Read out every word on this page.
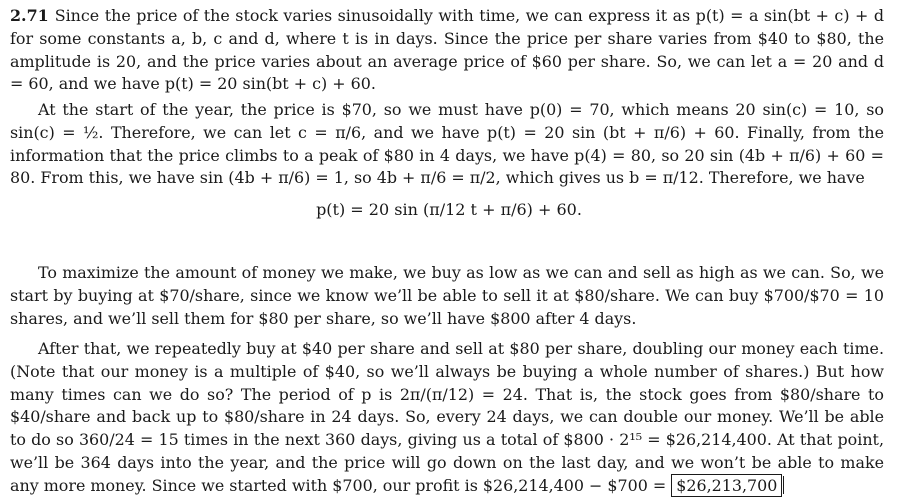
2.71 Since the price of the stock varies sinusoidally with time, we can express it as p(t) = a sin(bt + c) + d for some constants a, b, c and d, where t is in days. Since the price per share varies from $40 to $80, the amplitude is 20, and the price varies about an average price of $60 per share. So, we can let a = 20 and d = 60, and we have p(t) = 20 sin(bt + c) + 60.

At the start of the year, the price is $70, so we must have p(0) = 70, which means 20 sin(c) = 10, so sin(c) = ½. Therefore, we can let c = π/6, and we have p(t) = 20 sin (bt + π/6) + 60. Finally, from the information that the price climbs to a peak of $80 in 4 days, we have p(4) = 80, so 20 sin (4b + π/6) + 60 = 80. From this, we have sin (4b + π/6) = 1, so 4b + π/6 = π/2, which gives us b = π/12. Therefore, we have

p(t) = 20 sin (π/12 t + π/6) + 60.

To maximize the amount of money we make, we buy as low as we can and sell as high as we can. So, we start by buying at $70/share, since we know we’ll be able to sell it at $80/share. We can buy $700/$70 = 10 shares, and we’ll sell them for $80 per share, so we’ll have $800 after 4 days.

After that, we repeatedly buy at $40 per share and sell at $80 per share, doubling our money each time. (Note that our money is a multiple of $40, so we’ll always be buying a whole number of shares.) But how many times can we do so? The period of p is 2π/(π/12) = 24. That is, the stock goes from $80/share to $40/share and back up to $80/share in 24 days. So, every 24 days, we can double our money. We’ll be able to do so 360/24 = 15 times in the next 360 days, giving us a total of $800 · 2¹⁵ = $26,214,400. At that point, we’ll be 364 days into the year, and the price will go down on the last day, and we won’t be able to make any more money. Since we started with $700, our profit is $26,214,400 − $700 = $26,213,700
